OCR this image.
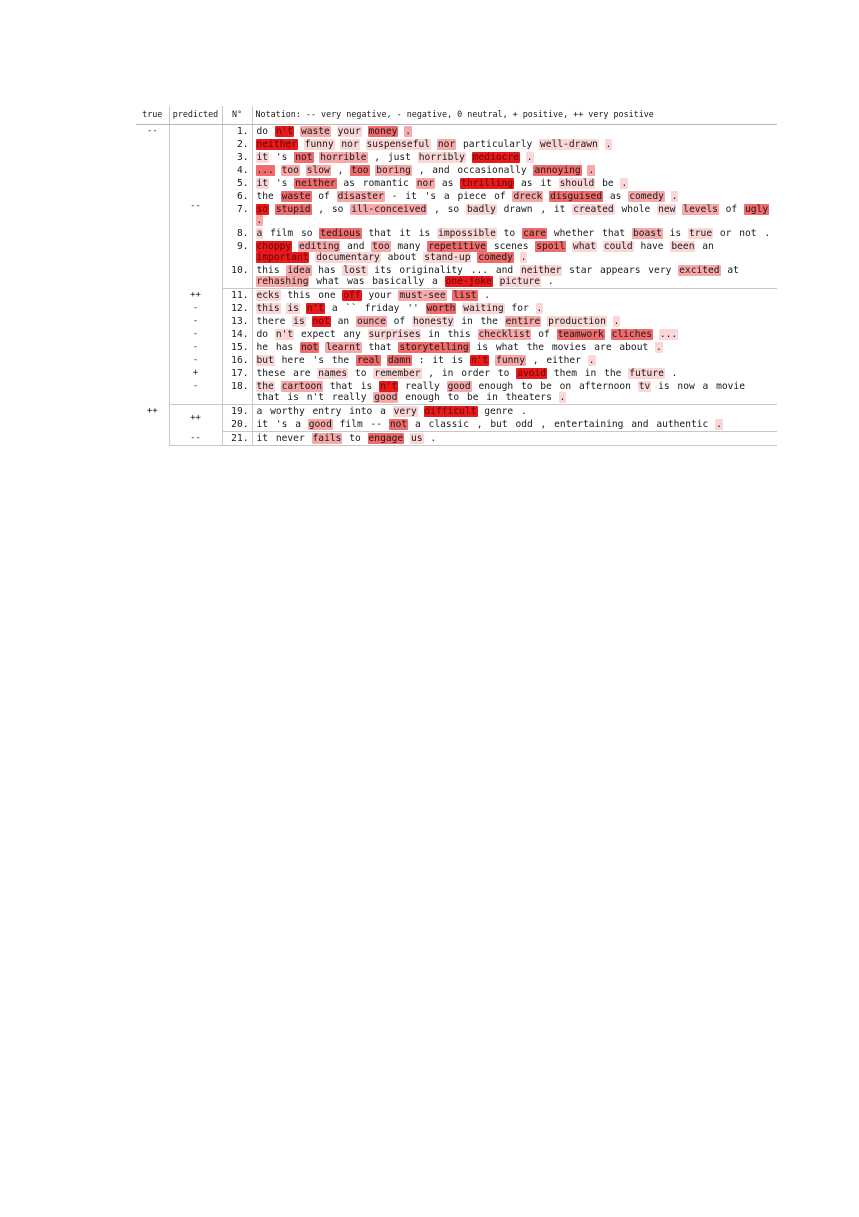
true	predicted	N°	Notation: -- very negative, - negative, 0 neutral, + positive, ++ very positive
--	--	1.	do n't waste your money .
		2.	neither funny nor suspenseful nor particularly well-drawn .
		3.	it 's not horrible , just horribly mediocre .
		4.	... too slow , too boring , and occasionally annoying .
		5.	it 's neither as romantic nor as thrilling as it should be .
		6.	the waste of disaster - it 's a piece of dreck disguised as comedy .
		7.	so stupid , so ill-conceived , so badly drawn , it created whole new levels of ugly .
		8.	a film so tedious that it is impossible to care whether that boast is true or not .
		9.	choppy editing and too many repetitive scenes spoil what could have been an important documentary about stand-up comedy .
		10.	this idea has lost its originality ... and neither star appears very excited at rehashing what was basically a one-joke picture .
	++	11.	ecks this one off your must-see list .
	-	12.	this is n't a `` friday '' worth waiting for .
	-	13.	there is not an ounce of honesty in the entire production .
	-	14.	do n't expect any surprises in this checklist of teamwork cliches ...
	-	15.	he has not learnt that storytelling is what the movies are about .
	-	16.	but here 's the real damn : it is n't funny , either .
	+	17.	these are names to remember , in order to avoid them in the future .
	-	18.	the cartoon that is n't really good enough to be on afternoon tv is now a movie that is n't really good enough to be in theaters .
++	++	19.	a worthy entry into a very difficult genre .
		20.	it 's a good film -- not a classic , but odd , entertaining and authentic .
	--	21.	it never fails to engage us .
